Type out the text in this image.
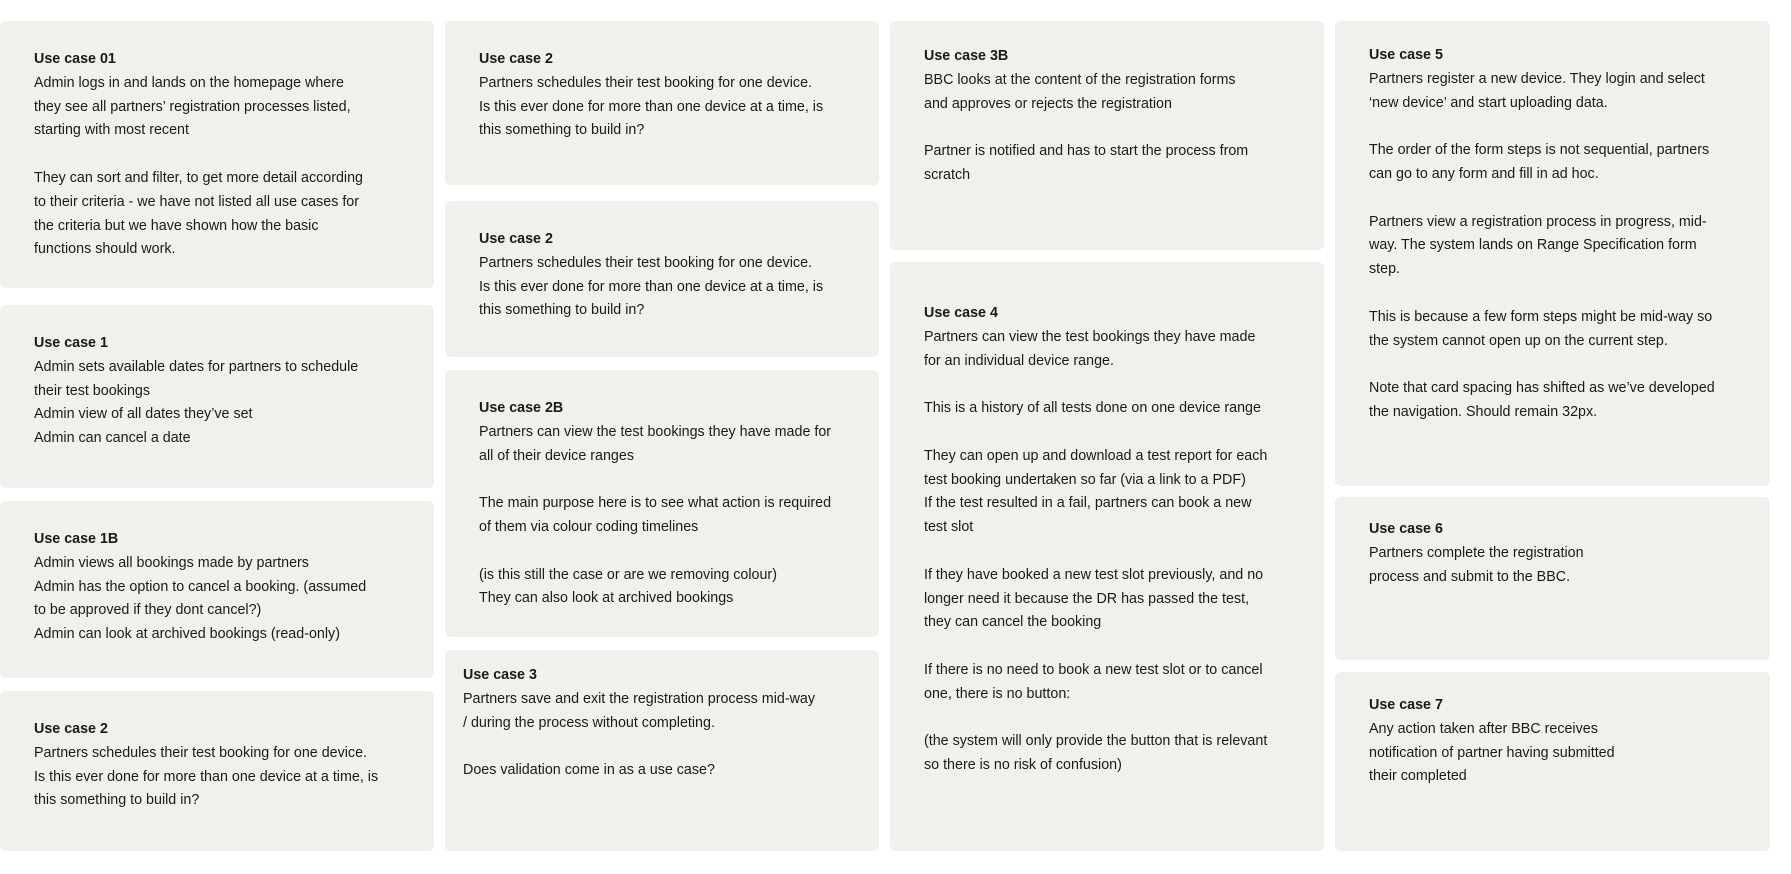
Use case 01

Admin logs in and lands on the homepage where
they see all partners’ registration processes listed,
starting with most recent

They can sort and filter, to get more detail according
to their criteria - we have not listed all use cases for
the criteria but we have shown how the basic
functions should work.

Use case 1

Admin sets available dates for partners to schedule
their test bookings
Admin view of all dates they’ve set
Admin can cancel a date

Use case 1B

Admin views all bookings made by partners
Admin has the option to cancel a booking. (assumed
to be approved if they dont cancel?)
Admin can look at archived bookings (read-only)

Use case 2

Partners schedules their test booking for one device.
Is this ever done for more than one device at a time, is
this something to build in?

Use case 2

Partners schedules their test booking for one device.
Is this ever done for more than one device at a time, is
this something to build in?

Use case 2

Partners schedules their test booking for one device.
Is this ever done for more than one device at a time, is
this something to build in?

Use case 2B

Partners can view the test bookings they have made for
all of their device ranges

The main purpose here is to see what action is required
of them via colour coding timelines

(is this still the case or are we removing colour)
They can also look at archived bookings

Use case 3

Partners save and exit the registration process mid-way
/ during the process without completing.

Does validation come in as a use case?

Use case 3B

BBC looks at the content of the registration forms
and approves or rejects the registration

Partner is notified and has to start the process from
scratch

Use case 4

Partners can view the test bookings they have made
for an individual device range.

This is a history of all tests done on one device range

They can open up and download a test report for each
test booking undertaken so far (via a link to a PDF)
If the test resulted in a fail, partners can book a new
test slot

If they have booked a new test slot previously, and no
longer need it because the DR has passed the test,
they can cancel the booking

If there is no need to book a new test slot or to cancel
one, there is no button:

(the system will only provide the button that is relevant
so there is no risk of confusion)

Use case 5

Partners register a new device. They login and select
‘new device’ and start uploading data.

The order of the form steps is not sequential, partners
can go to any form and fill in ad hoc.

Partners view a registration process in progress, mid-
way. The system lands on Range Specification form
step.

This is because a few form steps might be mid-way so
the system cannot open up on the current step.

Note that card spacing has shifted as we’ve developed
the navigation. Should remain 32px.

Use case 6

Partners complete the registration
process and submit to the BBC.

Use case 7

Any action taken after BBC receives
notification of partner having submitted
their completed
